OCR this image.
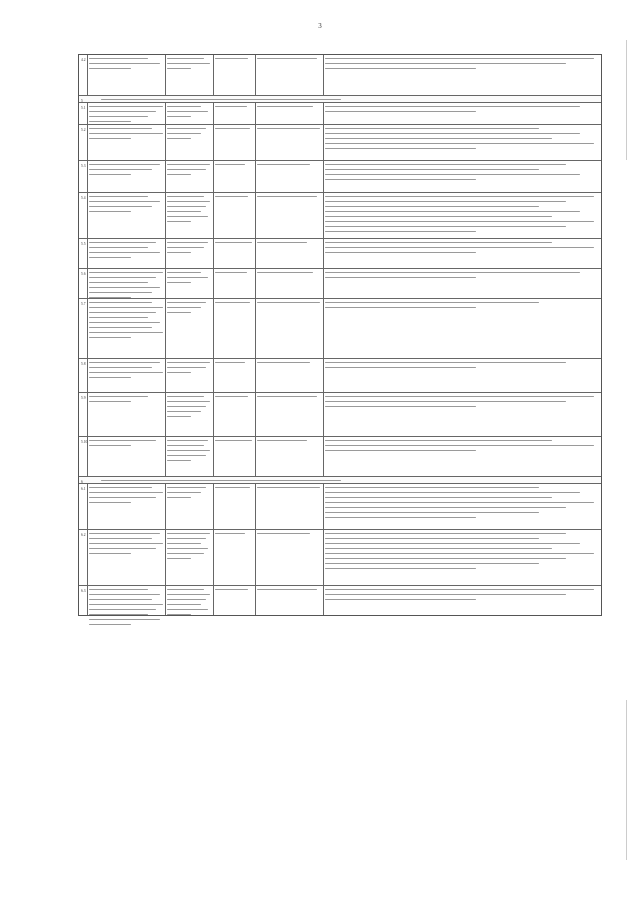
3
4.2
5
5.1
5.2
5.3
5.4
5.5
5.6
5.7
5.8
5.9
5.10
6
6.1
6.2
6.3
